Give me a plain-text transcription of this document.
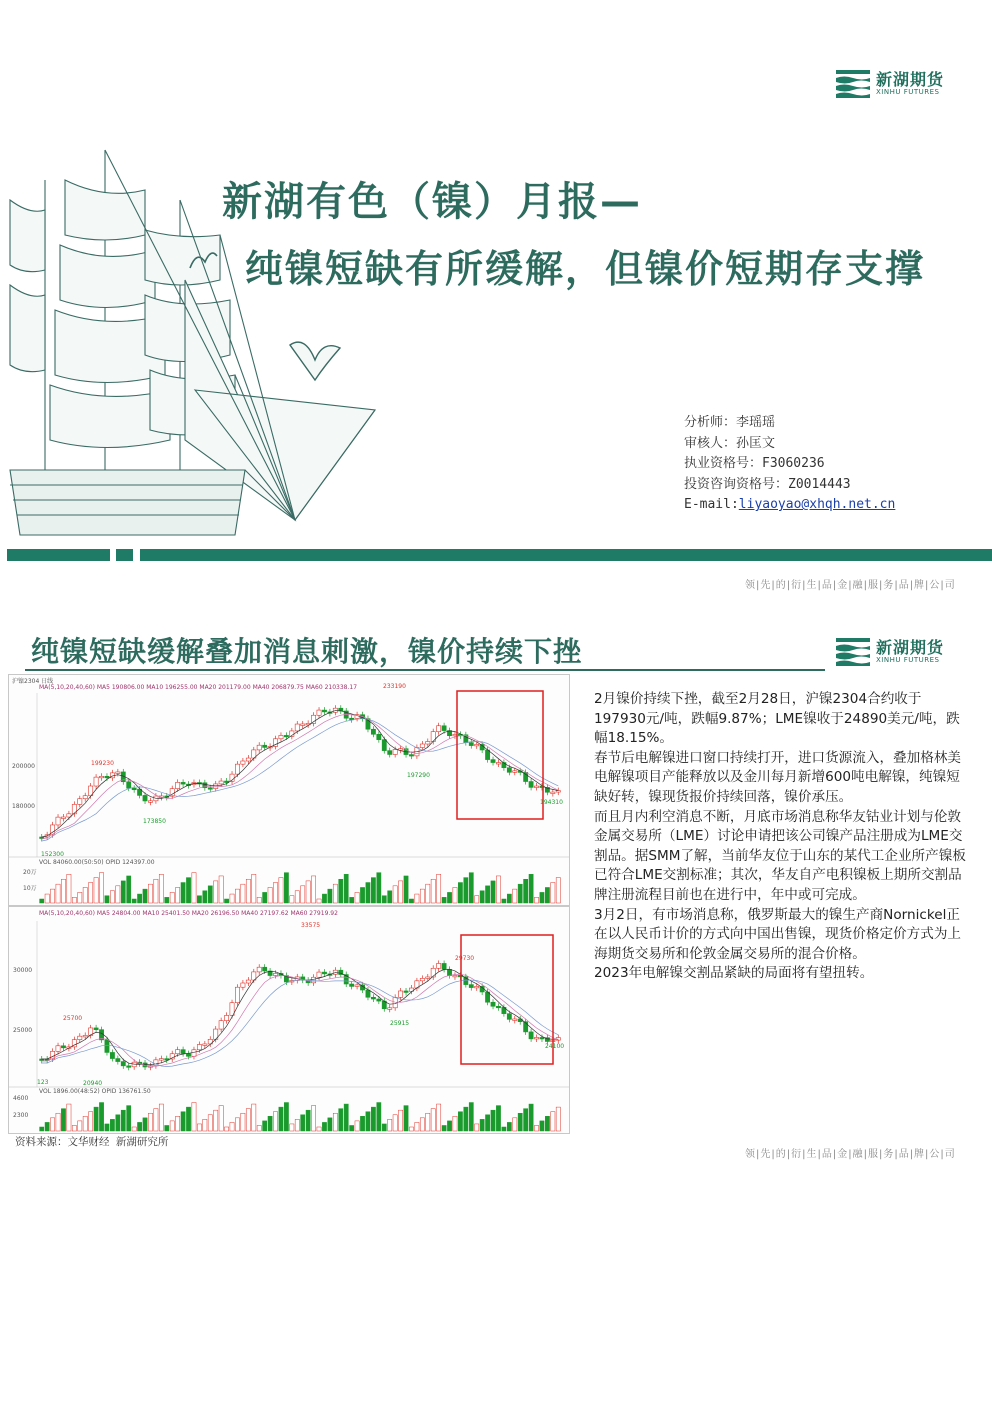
新湖期货
XINHU FUTURES
新湖有色（镍）月报—
纯镍短缺有所缓解，但镍价短期存支撑
分析师：李瑶瑶
审核人：孙匡文
执业资格号：F3060236
投资咨询资格号：Z0014443
E-mail:liyaoyao@xhqh.net.cn
领|先|的|衍|生|品|金|融|服|务|品|牌|公|司
纯镍短缺缓解叠加消息刺激，镍价持续下挫	新湖期货
XINHU FUTURES
沪镍2304 日线
MA(5,10,20,40,60) MA5 190806.00 MA10 196255.00 MA20 201179.00 MA40 206879.75 MA60 210338.17
VOL 84060.00(50:50) OPID 124397.00
200000
180000
20万
10万
199230
173850
233190
197290
194310
152300
MA(5,10,20,40,60) MA5 24804.00 MA10 25401.50 MA20 26196.50 MA40 27197.62 MA60 27919.92
VOL 1896.00(48:52) OPID 136761.50
30000
25000
4600
2300
25700
20940
33575
25915
29730
24100
123

2月镍价持续下挫，截至2月28日，沪镍2304合约收于197930元/吨，跌幅9.87%；LME镍收于24890美元/吨，跌幅18.15%。

春节后电解镍进口窗口持续打开，进口货源流入，叠加格林美电解镍项目产能释放以及金川每月新增600吨电解镍，纯镍短缺好转，镍现货报价持续回落，镍价承压。

而且月内利空消息不断，月底市场消息称华友钴业计划与伦敦金属交易所（LME）讨论申请把该公司镍产品注册成为LME交割品。据SMM了解，当前华友位于山东的某代工企业所产镍板已符合LME交割标准；其次，华友自产电积镍板上期所交割品牌注册流程目前也在进行中，年中或可完成。

3月2日，有市场消息称，俄罗斯最大的镍生产商Nornickel正在以人民币计价的方式向中国出售镍，现货价格定价方式为上海期货交易所和伦敦金属交易所的混合价格。

2023年电解镍交割品紧缺的局面将有望扭转。

资料来源：文华财经 新湖研究所
领|先|的|衍|生|品|金|融|服|务|品|牌|公|司
